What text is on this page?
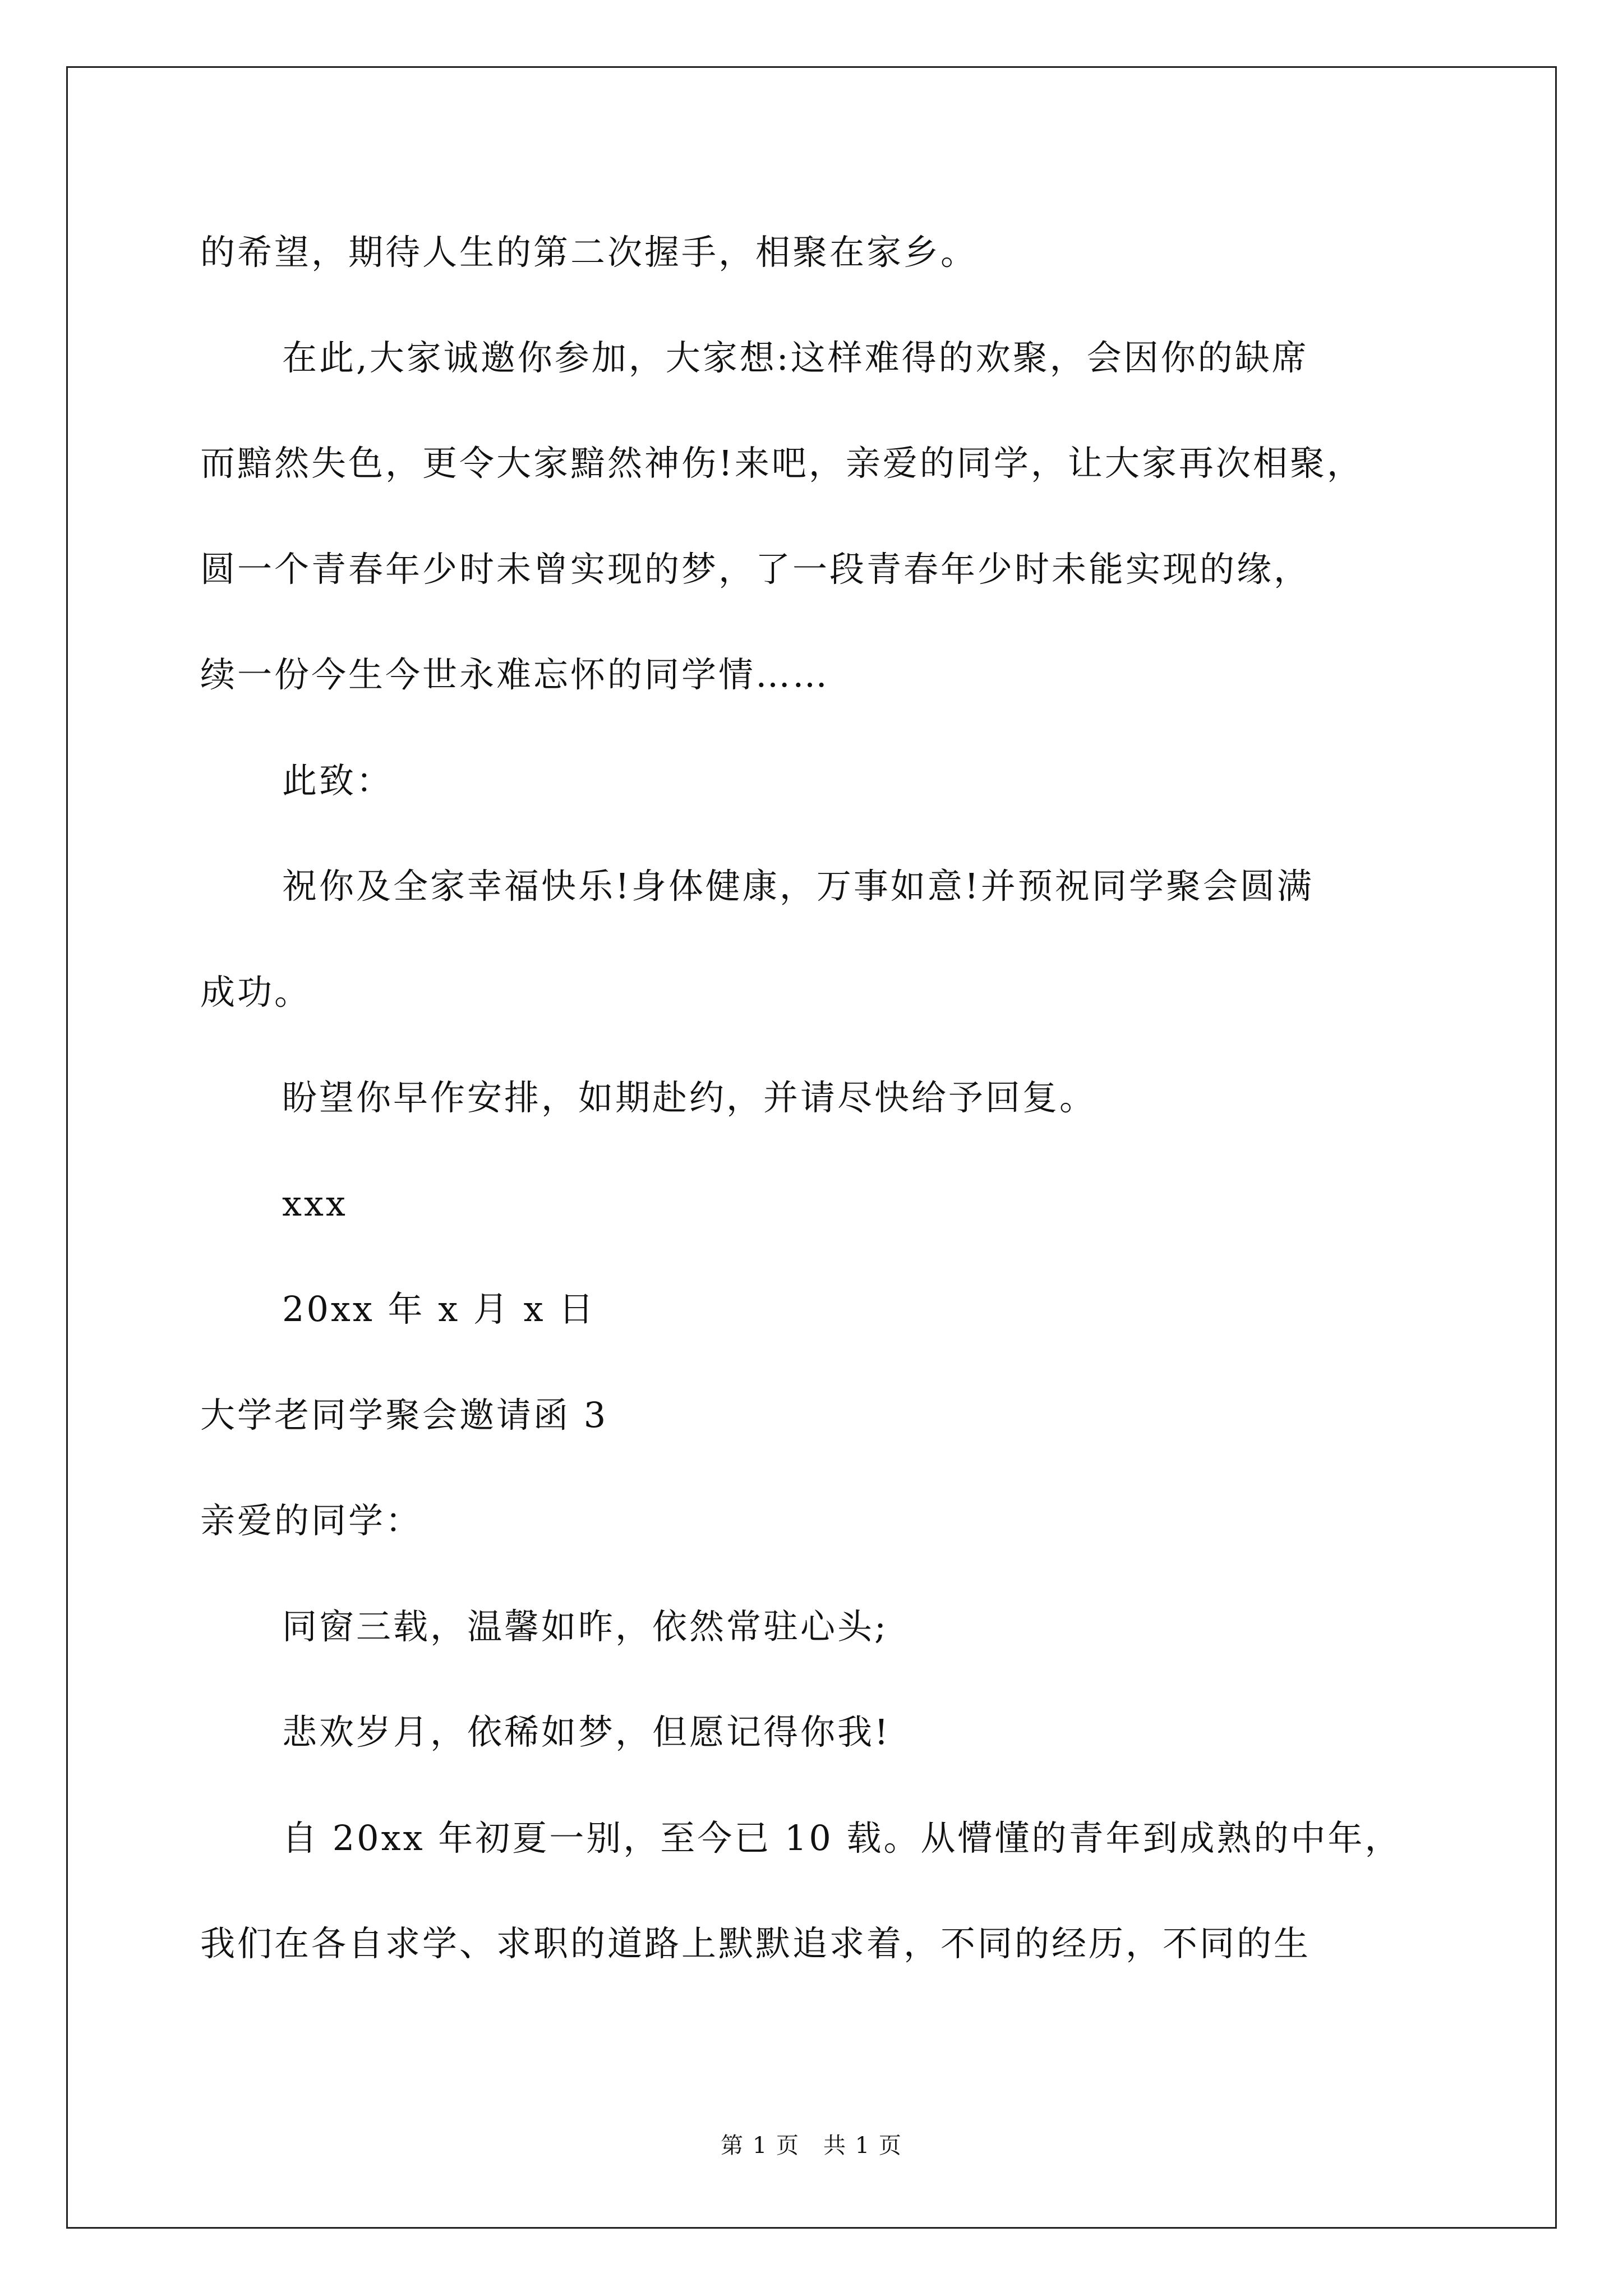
的希望，期待人生的第二次握手，相聚在家乡。
在此,大家诚邀你参加，大家想:这样难得的欢聚，会因你的缺席
而黯然失色，更令大家黯然神伤!来吧，亲爱的同学，让大家再次相聚，
圆一个青春年少时未曾实现的梦，了一段青春年少时未能实现的缘，
续一份今生今世永难忘怀的同学情……
此致：
祝你及全家幸福快乐!身体健康，万事如意!并预祝同学聚会圆满
成功。
盼望你早作安排，如期赴约，并请尽快给予回复。
xxx
20xx 年 x 月 x 日
大学老同学聚会邀请函 3
亲爱的同学：
同窗三载，温馨如昨，依然常驻心头;
悲欢岁月，依稀如梦，但愿记得你我!
自 20xx 年初夏一别，至今已 10 载。从懵懂的青年到成熟的中年，
我们在各自求学、求职的道路上默默追求着，不同的经历，不同的生
第 1 页　共 1 页
